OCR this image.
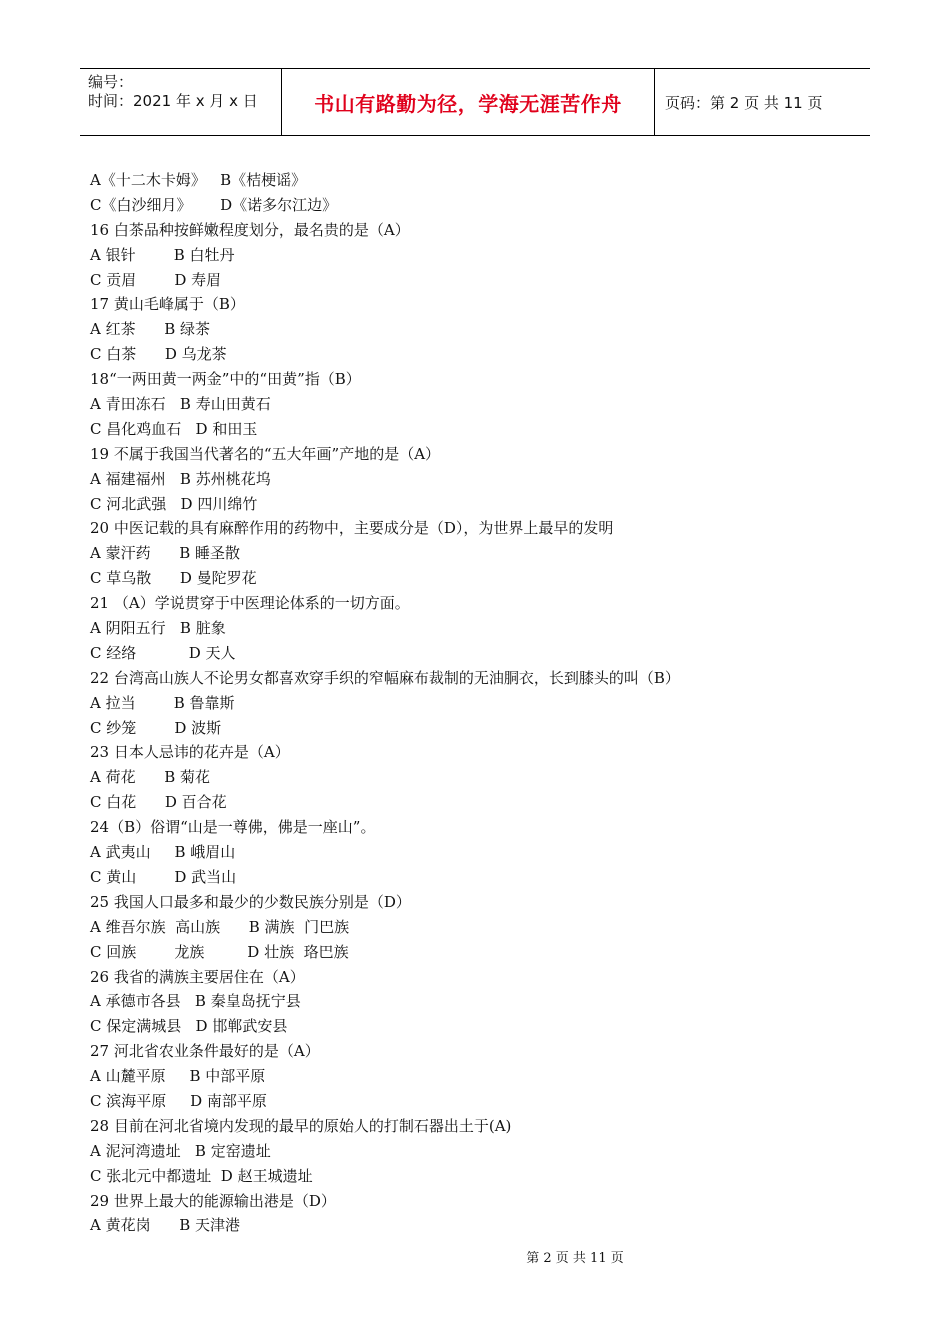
编号：
时间：2021 年 x 月 x 日	书山有路勤为径，学海无涯苦作舟	页码：第 2 页 共 11 页
A《十二木卡姆》   B《桔梗谣》
C《白沙细月》      D《诺多尔江边》
16 白茶品种按鲜嫩程度划分，最名贵的是（A）
A 银针        B 白牡丹
C 贡眉        D 寿眉
17 黄山毛峰属于（B）
A 红茶      B 绿茶
C 白茶      D 乌龙茶
18“一两田黄一两金”中的“田黄”指（B）
A 青田冻石   B 寿山田黄石
C 昌化鸡血石   D 和田玉
19 不属于我国当代著名的“五大年画”产地的是（A）
A 福建福州   B 苏州桃花坞
C 河北武强   D 四川绵竹
20 中医记载的具有麻醉作用的药物中，主要成分是（D），为世界上最早的发明
A 蒙汗药      B 睡圣散
C 草乌散      D 曼陀罗花
21 （A）学说贯穿于中医理论体系的一切方面。
A 阴阳五行   B 脏象
C 经络           D 天人
22 台湾高山族人不论男女都喜欢穿手织的窄幅麻布裁制的无油胴衣，长到膝头的叫（B）
A 拉当        B 鲁靠斯
C 纱笼        D 波斯
23 日本人忌讳的花卉是（A）
A 荷花      B 菊花
C 白花      D 百合花
24（B）俗谓“山是一尊佛，佛是一座山”。
A 武夷山     B 峨眉山
C 黄山        D 武当山
25 我国人口最多和最少的少数民族分别是（D）
A 维吾尔族  高山族      B 满族  门巴族
C 回族        龙族         D 壮族  珞巴族
26 我省的满族主要居住在（A）
A 承德市各县   B 秦皇岛抚宁县
C 保定满城县   D 邯郸武安县
27 河北省农业条件最好的是（A）
A 山麓平原     B 中部平原
C 滨海平原     D 南部平原
28 目前在河北省境内发现的最早的原始人的打制石器出土于(A)
A 泥河湾遗址   B 定窑遗址
C 张北元中都遗址  D 赵王城遗址
29 世界上最大的能源输出港是（D）
A 黄花岗      B 天津港
第 2 页 共 11 页
